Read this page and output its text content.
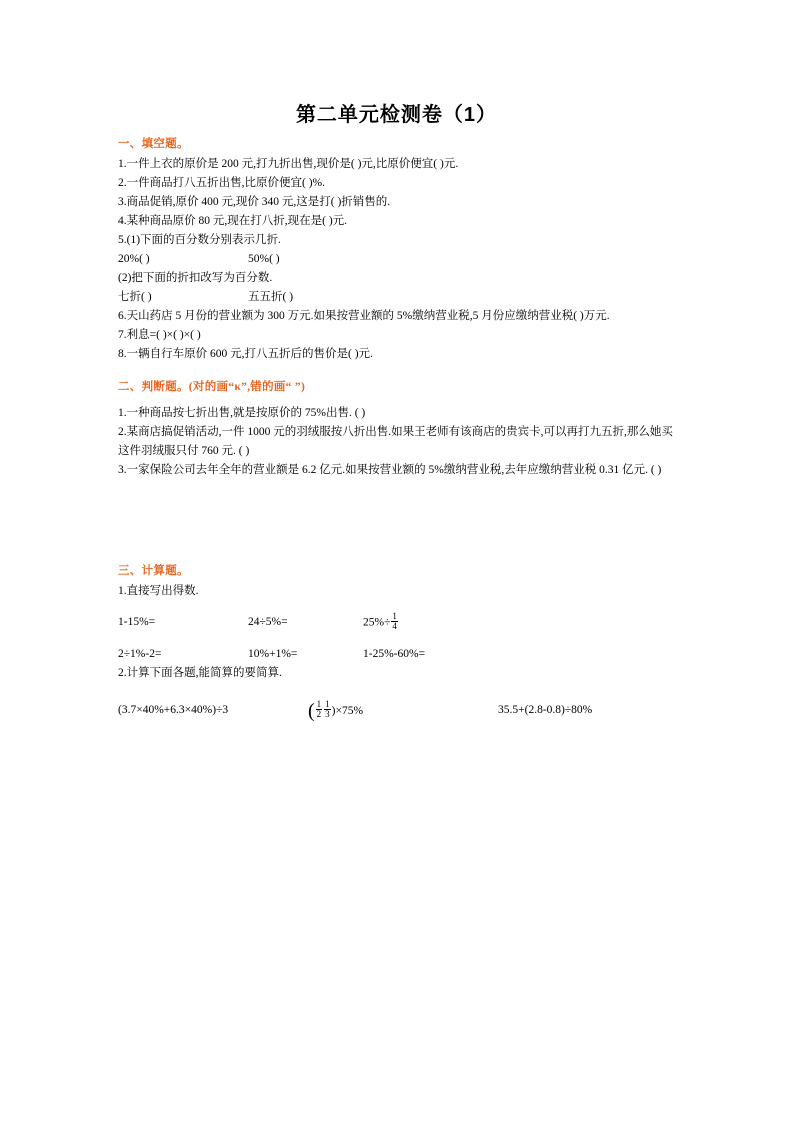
第二单元检测卷（1）
一、填空题。
1.一件上衣的原价是 200 元,打九折出售,现价是( )元,比原价便宜( )元.
2.一件商品打八五折出售,比原价便宜( )%.
3.商品促销,原价 400 元,现价 340 元,这是打( )折销售的.
4.某种商品原价 80 元,现在打八折,现在是( )元.
5.(1)下面的百分数分别表示几折.
20%( )	50%( )
(2)把下面的折扣改写为百分数.
七折( )	五五折( )
6.天山药店 5 月份的营业额为 300 万元.如果按营业额的 5%缴纳营业税,5 月份应缴纳营业税( )万元.
7.利息=( )×( )×( )
8.一辆自行车原价 600 元,打八五折后的售价是( )元.
二、判断题。(对的画“κ”,错的画“ ”)
1.一种商品按七折出售,就是按原价的 75%出售. ( )
2.某商店搞促销活动,一件 1000 元的羽绒服按八折出售.如果王老师有该商店的贵宾卡,可以再打九五折,那么她买这件羽绒服只付 760 元. ( )
3.一家保险公司去年全年的营业额是 6.2 亿元.如果按营业额的 5%缴纳营业税,去年应缴纳营业税 0.31 亿元. ( )
三、计算题。
1.直接写出得数.
1-15%=	24÷5%=	$25\%\div \frac{1}{4}$
2÷1%-2=	10%+1%=	1-25%-60%=
2.计算下面各题,能简算的要简算.
(3.7×40%+6.3×40%)÷3	( $\frac{1}{2} \frac{1}{3} )\times 75\%$	35.5+(2.8-0.8)÷80%
